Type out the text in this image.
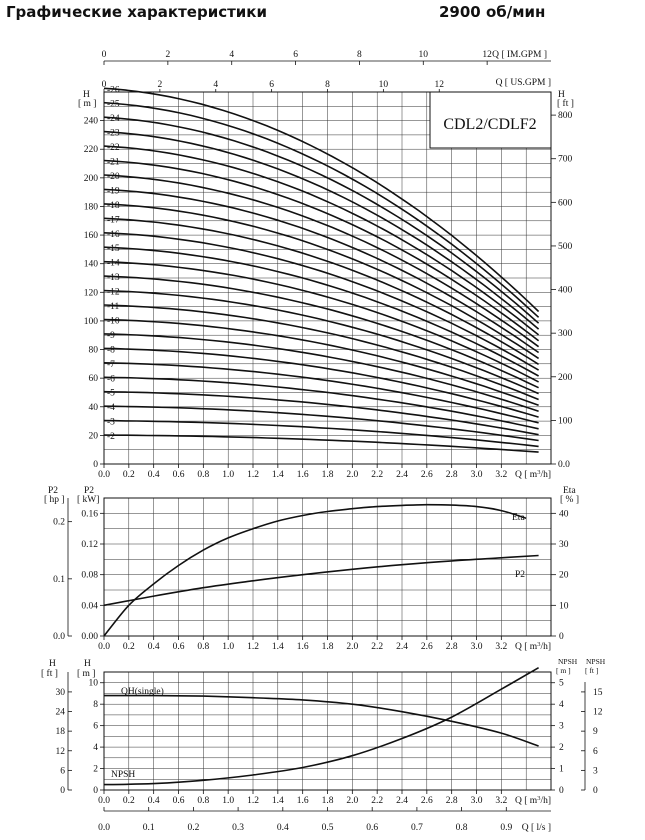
Графические характеристики	2900 об/мин
H
[ m ]
H
[ ft ]
Q [ IM.GPM ]
Q [ US.GPM ]
CDL2/CDLF2
P2
[ hp ]
P2
[ kW]
Eta
[ % ]
Eta
P2
H
[ ft ]
H
[ m ]
NPSH
[ m ]
NPSH
[ ft ]
QH(single)
NPSH
Q [ l/s ]
0.0 0.2 0.4 0.6 0.8 1.0 1.2 1.4 1.6 1.8 2.0 2.2 2.4 2.6 2.8 3.0 3.2 Q [ $m^3/h$]
0.0 0.2 0.4 0.6 0.8 1.0 1.2 1.4 1.6 1.8 2.0 2.2 2.4 2.6 2.8 3.0 3.2 Q [ $m^3/h$]
0.0 0.2 0.4 0.6 0.8 1.0 1.2 1.4 1.6 1.8 2.0 2.2 2.4 2.6 2.8 3.0 3.2 Q [ $m^3/h$]
0
20
40
60
80
100
120
140
160
180
200
220
240
0.0
100
200
300
400
500
600
700
800
0	2	4	6	8	10	12
0	2	4	6	8	10	12
-2
-3
-4
-5
-6
-7
-8
-9
-10
-11
-12
-13
-14
-15
-16
-17
-18
-19
-20
-21
-22
-23
-24
-25
-26
0.00
0.04
0.08
0.12
0.16
0.0
0.1
0.2
0
10
20
30
40
0
2
4
6
8
10
0
6
12
18
24
30
0
1
2
3
4
5
0
3
6
9
12
15
0.0	0.1	0.2	0.3	0.4	0.5	0.6	0.7	0.8	0.9
